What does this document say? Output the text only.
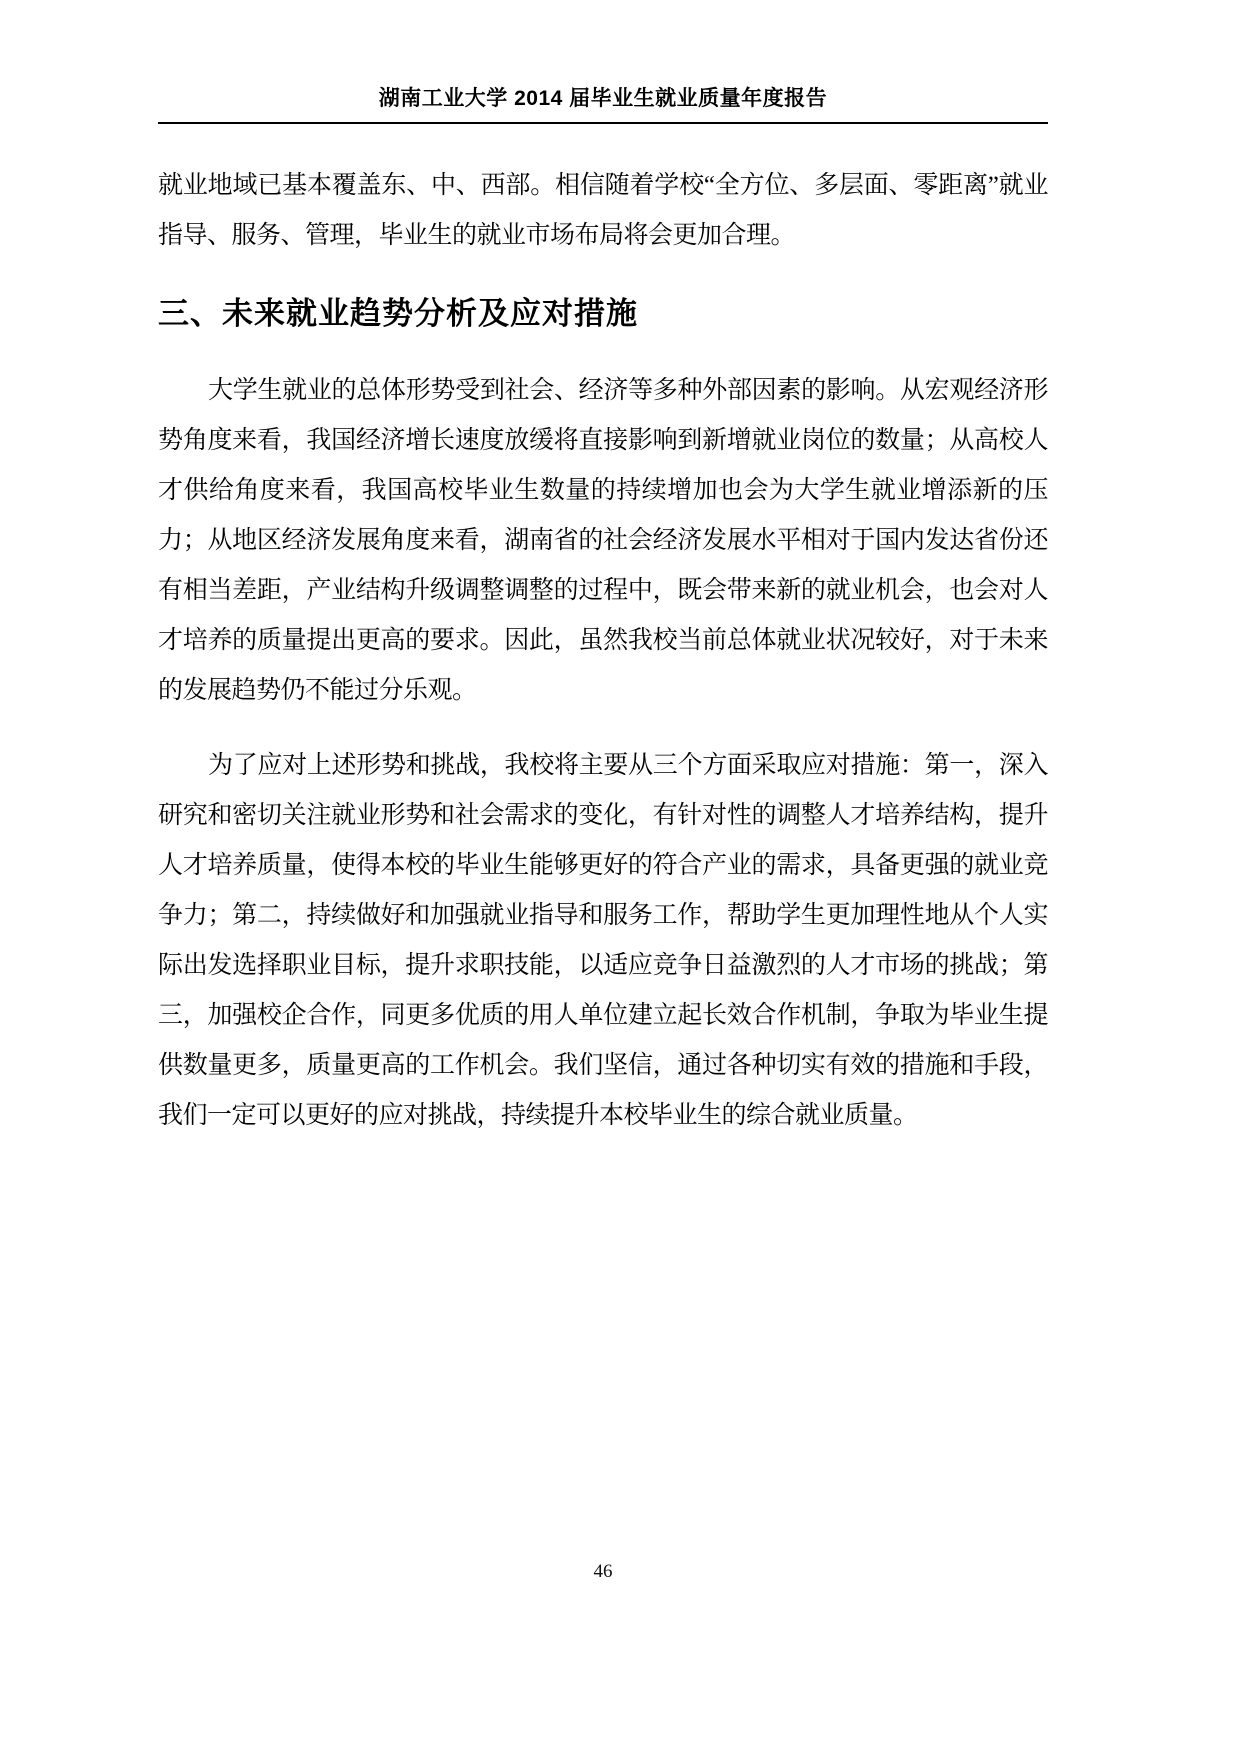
湖南工业大学 2014 届毕业生就业质量年度报告

就业地域已基本覆盖东、中、西部。相信随着学校“全方位、多层面、零距离”就业指导、服务、管理，毕业生的就业市场布局将会更加合理。

三、未来就业趋势分析及应对措施

大学生就业的总体形势受到社会、经济等多种外部因素的影响。从宏观经济形势角度来看，我国经济增长速度放缓将直接影响到新增就业岗位的数量；从高校人才供给角度来看，我国高校毕业生数量的持续增加也会为大学生就业增添新的压力；从地区经济发展角度来看，湖南省的社会经济发展水平相对于国内发达省份还有相当差距，产业结构升级调整调整的过程中，既会带来新的就业机会，也会对人才培养的质量提出更高的要求。因此，虽然我校当前总体就业状况较好，对于未来的发展趋势仍不能过分乐观。

为了应对上述形势和挑战，我校将主要从三个方面采取应对措施：第一，深入研究和密切关注就业形势和社会需求的变化，有针对性的调整人才培养结构，提升人才培养质量，使得本校的毕业生能够更好的符合产业的需求，具备更强的就业竞争力；第二，持续做好和加强就业指导和服务工作，帮助学生更加理性地从个人实际出发选择职业目标，提升求职技能，以适应竞争日益激烈的人才市场的挑战；第三，加强校企合作，同更多优质的用人单位建立起长效合作机制，争取为毕业生提供数量更多，质量更高的工作机会。我们坚信，通过各种切实有效的措施和手段，我们一定可以更好的应对挑战，持续提升本校毕业生的综合就业质量。

46
